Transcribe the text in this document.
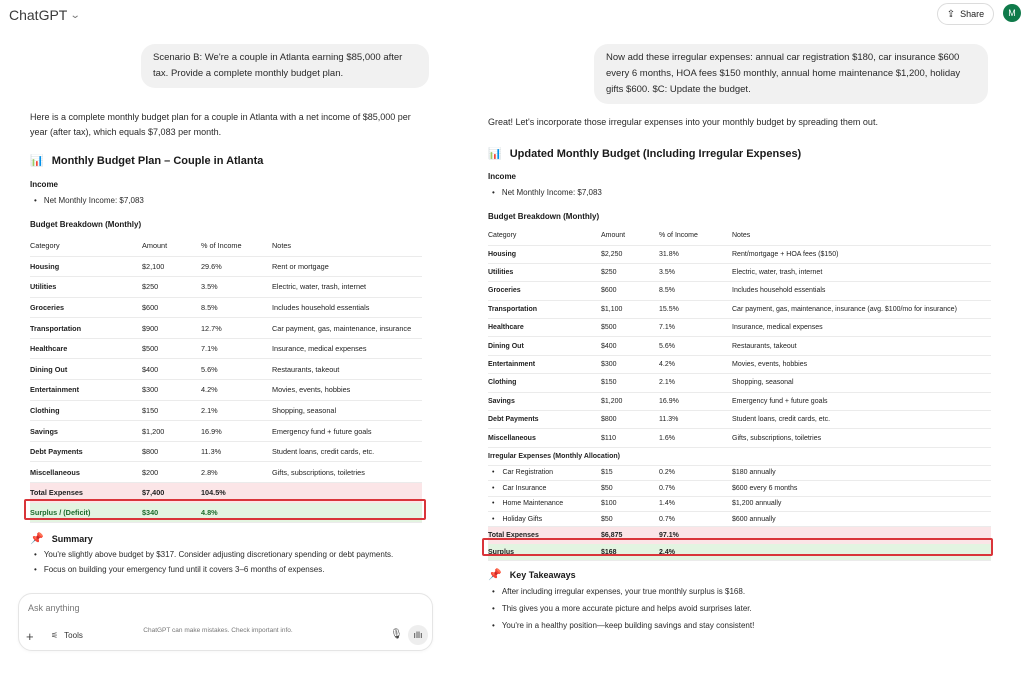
ChatGPT ⌄	⇪ Share	M
Scenario B: We're a couple in Atlanta earning $85,000 after tax. Provide a complete monthly budget plan.
Here is a complete monthly budget plan for a couple in Atlanta with a net income of $85,000 per year (after tax), which equals $7,083 per month.
📊 Monthly Budget Plan – Couple in Atlanta
Income
• Net Monthly Income: $7,083
Budget Breakdown (Monthly)
Category	Amount	% of Income	Notes
Housing	$2,100	29.6%	Rent or mortgage
Utilities	$250	3.5%	Electric, water, trash, internet
Groceries	$600	8.5%	Includes household essentials
Transportation	$900	12.7%	Car payment, gas, maintenance, insurance
Healthcare	$500	7.1%	Insurance, medical expenses
Dining Out	$400	5.6%	Restaurants, takeout
Entertainment	$300	4.2%	Movies, events, hobbies
Clothing	$150	2.1%	Shopping, seasonal
Savings	$1,200	16.9%	Emergency fund + future goals
Debt Payments	$800	11.3%	Student loans, credit cards, etc.
Miscellaneous	$200	2.8%	Gifts, subscriptions, toiletries
Total Expenses	$7,400	104.5%	
Surplus / (Deficit)	$340	4.8%	
📌 Summary
• You're slightly above budget by $317. Consider adjusting discretionary spending or debt payments.
• Focus on building your emergency fund until it covers 3–6 months of expenses.
Ask anything
+ ⚟ Tools	🎙 ıllı
ChatGPT can make mistakes. Check important info.
Now add these irregular expenses: annual car registration $180, car insurance $600 every 6 months, HOA fees $150 monthly, annual home maintenance $1,200, holiday gifts $600. $C: Update the budget.
Great! Let's incorporate those irregular expenses into your monthly budget by spreading them out.
📊 Updated Monthly Budget (Including Irregular Expenses)
Income
• Net Monthly Income: $7,083
Budget Breakdown (Monthly)
Category	Amount	% of Income	Notes
Housing	$2,250	31.8%	Rent/mortgage + HOA fees ($150)
Utilities	$250	3.5%	Electric, water, trash, internet
Groceries	$600	8.5%	Includes household essentials
Transportation	$1,100	15.5%	Car payment, gas, maintenance, insurance (avg. $100/mo for insurance)
Healthcare	$500	7.1%	Insurance, medical expenses
Dining Out	$400	5.6%	Restaurants, takeout
Entertainment	$300	4.2%	Movies, events, hobbies
Clothing	$150	2.1%	Shopping, seasonal
Savings	$1,200	16.9%	Emergency fund + future goals
Debt Payments	$800	11.3%	Student loans, credit cards, etc.
Miscellaneous	$110	1.6%	Gifts, subscriptions, toiletries
Irregular Expenses (Monthly Allocation)			
• Car Registration	$15	0.2%	$180 annually
• Car Insurance	$50	0.7%	$600 every 6 months
• Home Maintenance	$100	1.4%	$1,200 annually
• Holiday Gifts	$50	0.7%	$600 annually
Total Expenses	$6,875	97.1%	
Surplus	$168	2.4%	
📌 Key Takeaways
• After including irregular expenses, your true monthly surplus is $168.
• This gives you a more accurate picture and helps avoid surprises later.
• You're in a healthy position—keep building savings and stay consistent!
